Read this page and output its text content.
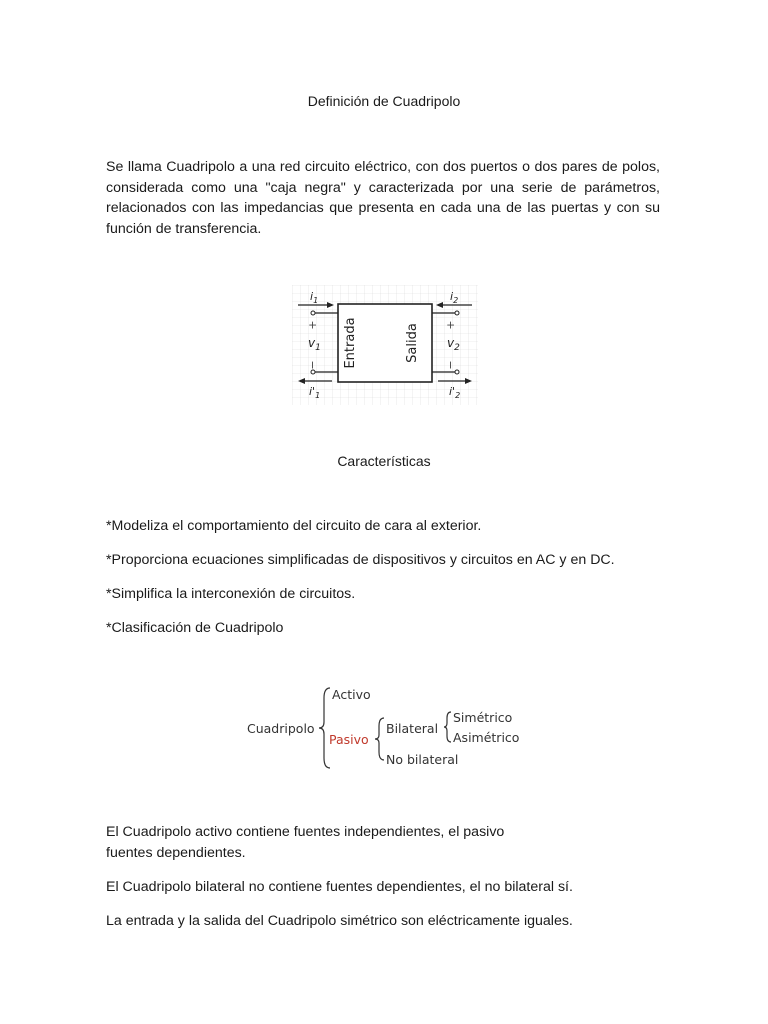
Definición de Cuadripolo
Se llama Cuadripolo a una red circuito eléctrico, con dos puertos o dos pares de polos, considerada como una "caja negra" y caracterizada por una serie de parámetros, relacionados con las impedancias que presenta en cada una de las puertas y con su función de transferencia.
Entrada	Salida
+
−
+
−
$i_1$	$i_2$
$i'_1$	$i'_2$
$v_1$	$v_2$
Características
*Modeliza el comportamiento del circuito de cara al exterior.
*Proporciona ecuaciones simplificadas de dispositivos y circuitos en AC y en DC.
*Simplifica la interconexión de circuitos.
*Clasificación de Cuadripolo
Cuadripolo
Activo
Pasivo
Bilateral
No bilateral
Simétrico
Asimétrico
El Cuadripolo activo contiene fuentes independientes, el pasivo
fuentes dependientes.
El Cuadripolo bilateral no contiene fuentes dependientes, el no bilateral sí.
La entrada y la salida del Cuadripolo simétrico son eléctricamente iguales.
